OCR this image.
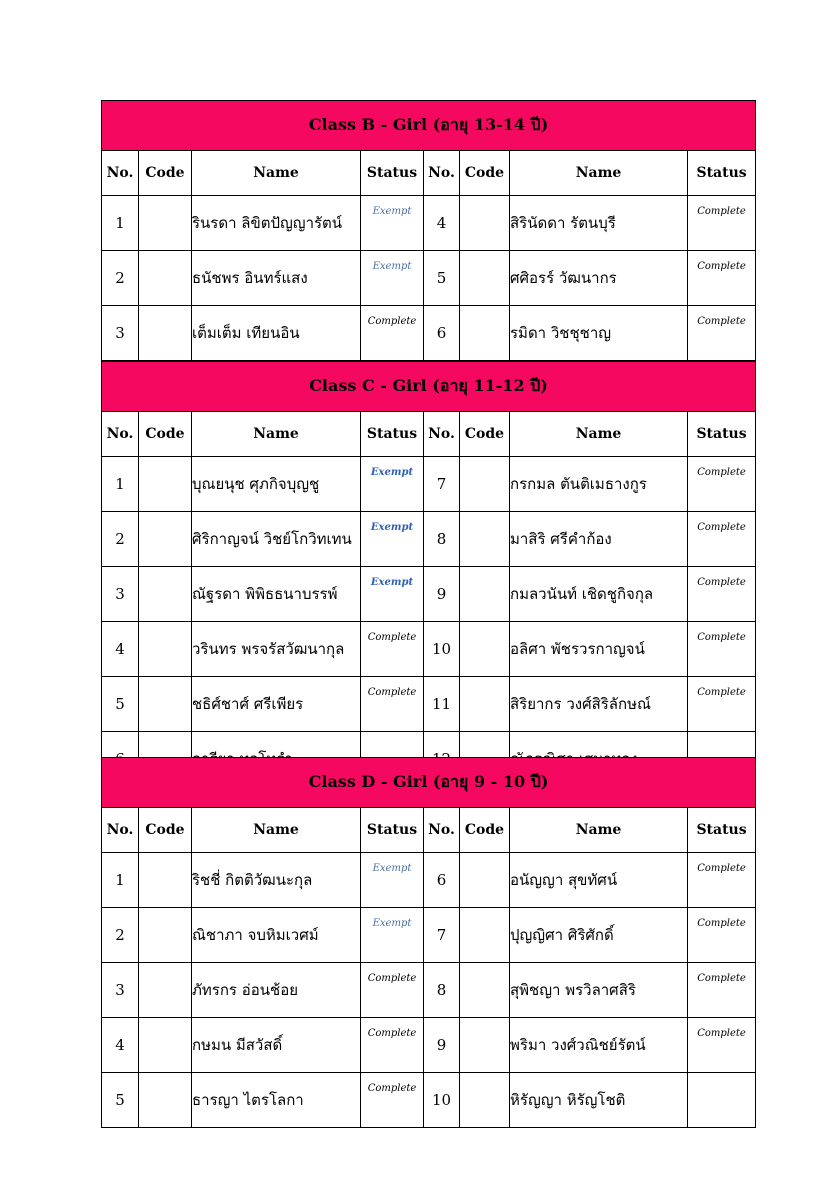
Class B - Girl (อายุ 13-14 ปี)							
No.	Code	Name	Status	No.	Code	Name	Status
1		รินรดา ลิขิตปัญญารัตน์	Exempt	4		สิรินัดดา รัตนบุรี	Complete
2		ธนัชพร อินทร์แสง	Exempt	5		ศศิอรร์ วัฒนากร	Complete
3		เต็มเต็ม เทียนอิน	Complete	6		รมิดา วิชชุชาญ	Complete
Class C - Girl (อายุ 11-12 ปี)							
No.	Code	Name	Status	No.	Code	Name	Status
1		บุณยนุช ศุภกิจบุญชู	Exempt	7		กรกมล ตันติเมธางกูร	Complete
2		ศิริกาญจน์ วิชย์โกวิทเทน	Exempt	8		มาสิริ ศรีคำก้อง	Complete
3		ณัฐรดา พิพิธธนาบรรพ์	Exempt	9		กมลวนันท์ เชิดชูกิจกุล	Complete
4		วรินทร พรจรัสวัฒนากุล	Complete	10		อลิศา พัชรวรกาญจน์	Complete
5		ชธิศ์ชาศ์ ศรีเพียร	Complete	11		สิริยากร วงศ์สิริลักษณ์	Complete

Class D - Girl (อายุ 9 - 10 ปี)							
No.	Code	Name	Status	No.	Code	Name	Status
1		ริชชี่ กิตติวัฒนะกุล	Exempt	6		อนัญญา สุขทัศน์	Complete
2		ณิชาภา จบหิมเวศม์	Exempt	7		ปุญญิศา ศิริศักดิ์	Complete
3		ภัทรกร อ่อนช้อย	Complete	8		สุพิชญา พรวิลาศสิริ	Complete
4		กษมน มีสวัสดิ์	Complete	9		พริมา วงศ์วณิชย์รัตน์	Complete
5		ธารญา ไตรโลกา	Complete	10		หิรัญญา หิรัญโชติ	
